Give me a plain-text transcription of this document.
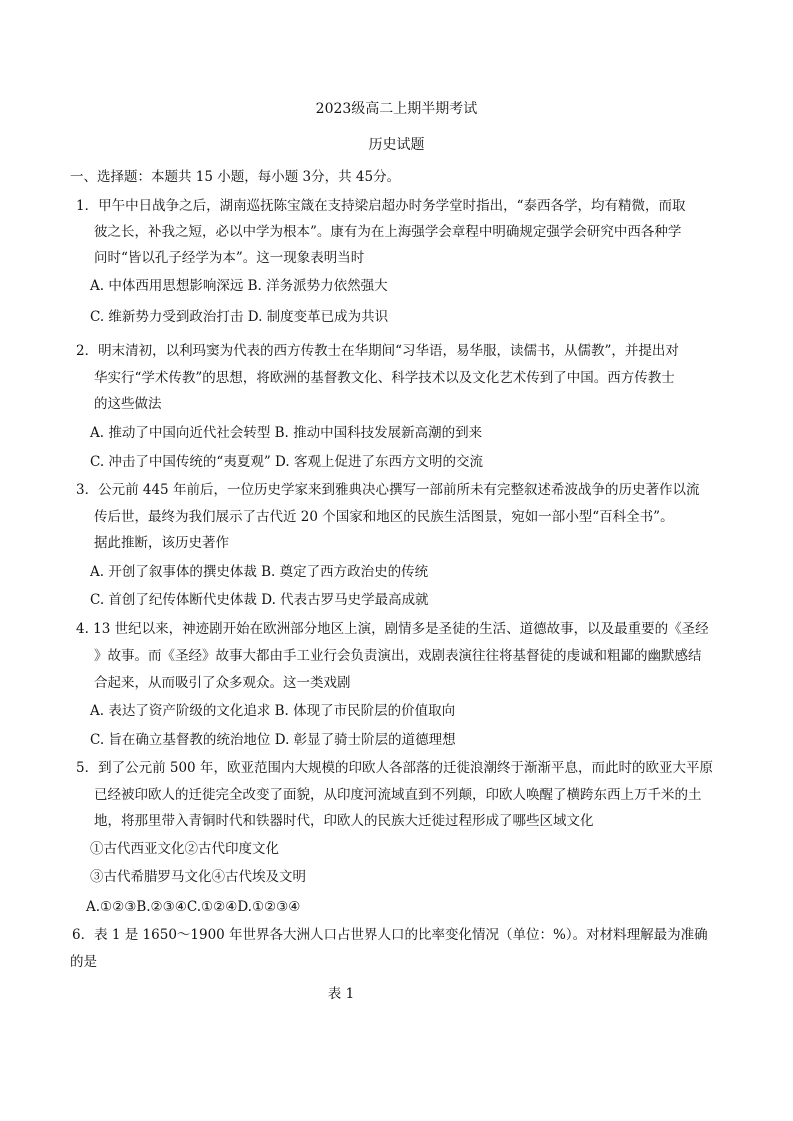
2023级高二上期半期考试
历史试题
一、选择题：本题共 15 小题，每小题 3分，共 45分。
1．甲午中日战争之后，湖南巡抚陈宝箴在支持梁启超办时务学堂时指出，“泰西各学，均有精微，而取
彼之长，补我之短，必以中学为根本”。康有为在上海强学会章程中明确规定强学会研究中西各种学
问时“皆以孔子经学为本”。这一现象表明当时
A. 中体西用思想影响深远 B. 洋务派势力依然强大
C. 维新势力受到政治打击 D. 制度变革已成为共识
2．明末清初，以利玛窦为代表的西方传教士在华期间“习华语，易华服，读儒书，从儒教”，并提出对
华实行“学术传教”的思想，将欧洲的基督教文化、科学技术以及文化艺术传到了中国。西方传教士
的这些做法
A. 推动了中国向近代社会转型 B. 推动中国科技发展新高潮的到来
C. 冲击了中国传统的“夷夏观” D. 客观上促进了东西方文明的交流
3．公元前 445 年前后，一位历史学家来到雅典决心撰写一部前所未有完整叙述希波战争的历史著作以流
传后世，最终为我们展示了古代近 20 个国家和地区的民族生活图景，宛如一部小型“百科全书”。
据此推断，该历史著作
A. 开创了叙事体的撰史体裁 B. 奠定了西方政治史的传统
C. 首创了纪传体断代史体裁 D. 代表古罗马史学最高成就
4. 13 世纪以来，神迹剧开始在欧洲部分地区上演，剧情多是圣徒的生活、道德故事，以及最重要的《圣经
》故事。而《圣经》故事大都由手工业行会负责演出，戏剧表演往往将基督徒的虔诚和粗鄙的幽默感结
合起来，从而吸引了众多观众。这一类戏剧
A. 表达了资产阶级的文化追求 B. 体现了市民阶层的价值取向
C. 旨在确立基督教的统治地位 D. 彰显了骑士阶层的道德理想
5．到了公元前 500 年，欧亚范围内大规模的印欧人各部落的迁徙浪潮终于渐渐平息，而此时的欧亚大平原
已经被印欧人的迁徙完全改变了面貌，从印度河流域直到不列颠，印欧人唤醒了横跨东西上万千米的土
地，将那里带入青铜时代和铁器时代，印欧人的民族大迁徙过程形成了哪些区域文化
①古代西亚文化②古代印度文化
③古代希腊罗马文化④古代埃及文明
A.①②③B.②③④C.①②④D.①②③④
6．表 1 是 1650～1900 年世界各大洲人口占世界人口的比率变化情况（单位：%）。对材料理解最为准确
的是
表 1
